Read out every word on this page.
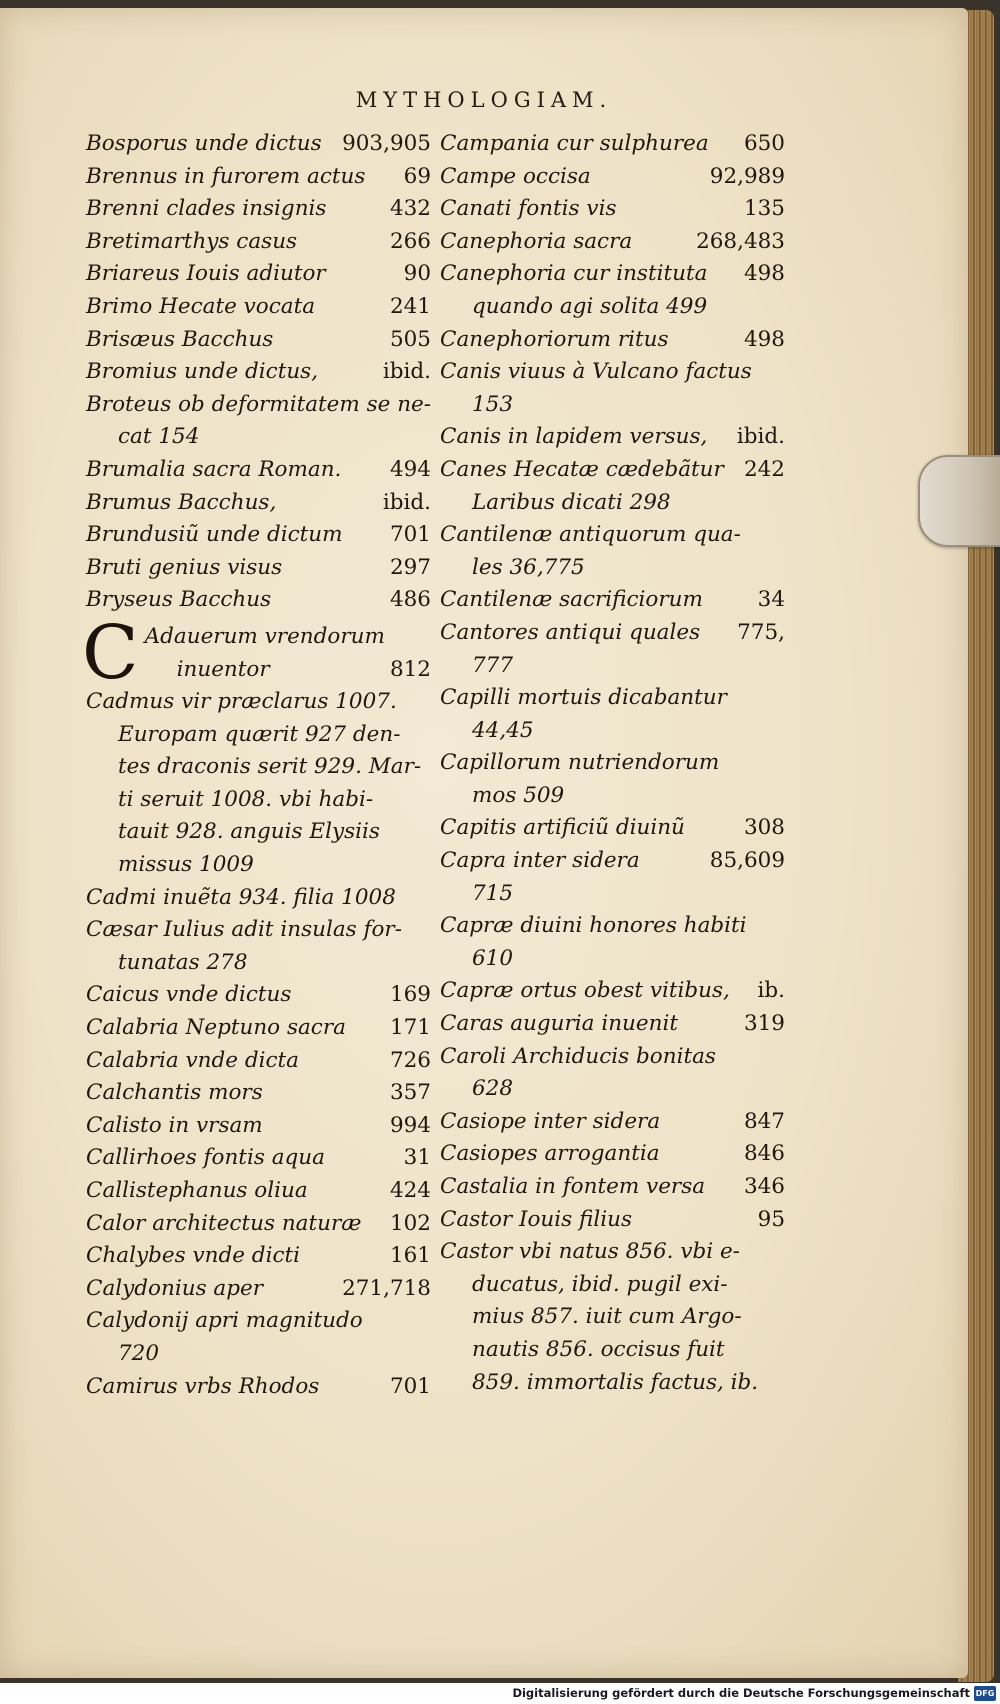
MYTHOLOGIAM.
Bosporus unde dictus 903,905
Brennus in furorem actus 69
Brenni clades insignis	432
Bretimarthys casus	266
Briareus Iouis adiutor	90
Brimo Hecate vocata	241
Brisæus Bacchus	505
Bromius unde dictus,	ibid.
Broteus ob deformitatem se ne-
cat 154
Brumalia sacra Roman. 494
Brumus Bacchus,	ibid.
Brundusiũ unde dictum 701
Bruti genius visus	297
Bryseus Bacchus	486
C Adauerum vrendorum
inuentor	812
Cadmus vir præclarus 1007.
Europam quærit 927 den-
tes draconis serit 929. Mar-
ti seruit 1008. vbi habi-
tauit 928. anguis Elysiis
missus 1009
Cadmi inuẽta 934. filia 1008
Cæsar Iulius adit insulas for-
tunatas 278
Caicus vnde dictus	169
Calabria Neptuno sacra 171
Calabria vnde dicta	726
Calchantis mors	357
Calisto in vrsam	994
Callirhoes fontis aqua	31
Callistephanus oliua	424
Calor architectus naturæ 102
Chalybes vnde dicti	161
Calydonius aper	271,718
Calydonij apri magnitudo
720
Camirus vrbs Rhodos	701
Campania cur sulphurea 650
Campe occisa	92,989
Canati fontis vis	135
Canephoria sacra	268,483
Canephoria cur instituta 498
quando agi solita 499
Canephoriorum ritus	498
Canis viuus à Vulcano factus
153
Canis in lapidem versus, ibid.
Canes Hecatæ cædebãtur 242
Laribus dicati 298
Cantilenæ antiquorum qua-
les 36,775
Cantilenæ sacrificiorum	34
Cantores antiqui quales 775,
777
Capilli mortuis dicabantur
44,45
Capillorum nutriendorum
mos 509
Capitis artificiũ diuinũ	308
Capra inter sidera	85,609
715
Capræ diuini honores habiti
610
Capræ ortus obest vitibus, ib.
Caras auguria inuenit	319
Caroli Archiducis bonitas
628
Casiope inter sidera	847
Casiopes arrogantia	846
Castalia in fontem versa 346
Castor Iouis filius	95
Castor vbi natus 856. vbi e-
ducatus, ibid. pugil exi-
mius 857. iuit cum Argo-
nautis 856. occisus fuit
859. immortalis factus, ib.
Digitalisierung gefördert durch die Deutsche Forschungsgemeinschaft DFG
